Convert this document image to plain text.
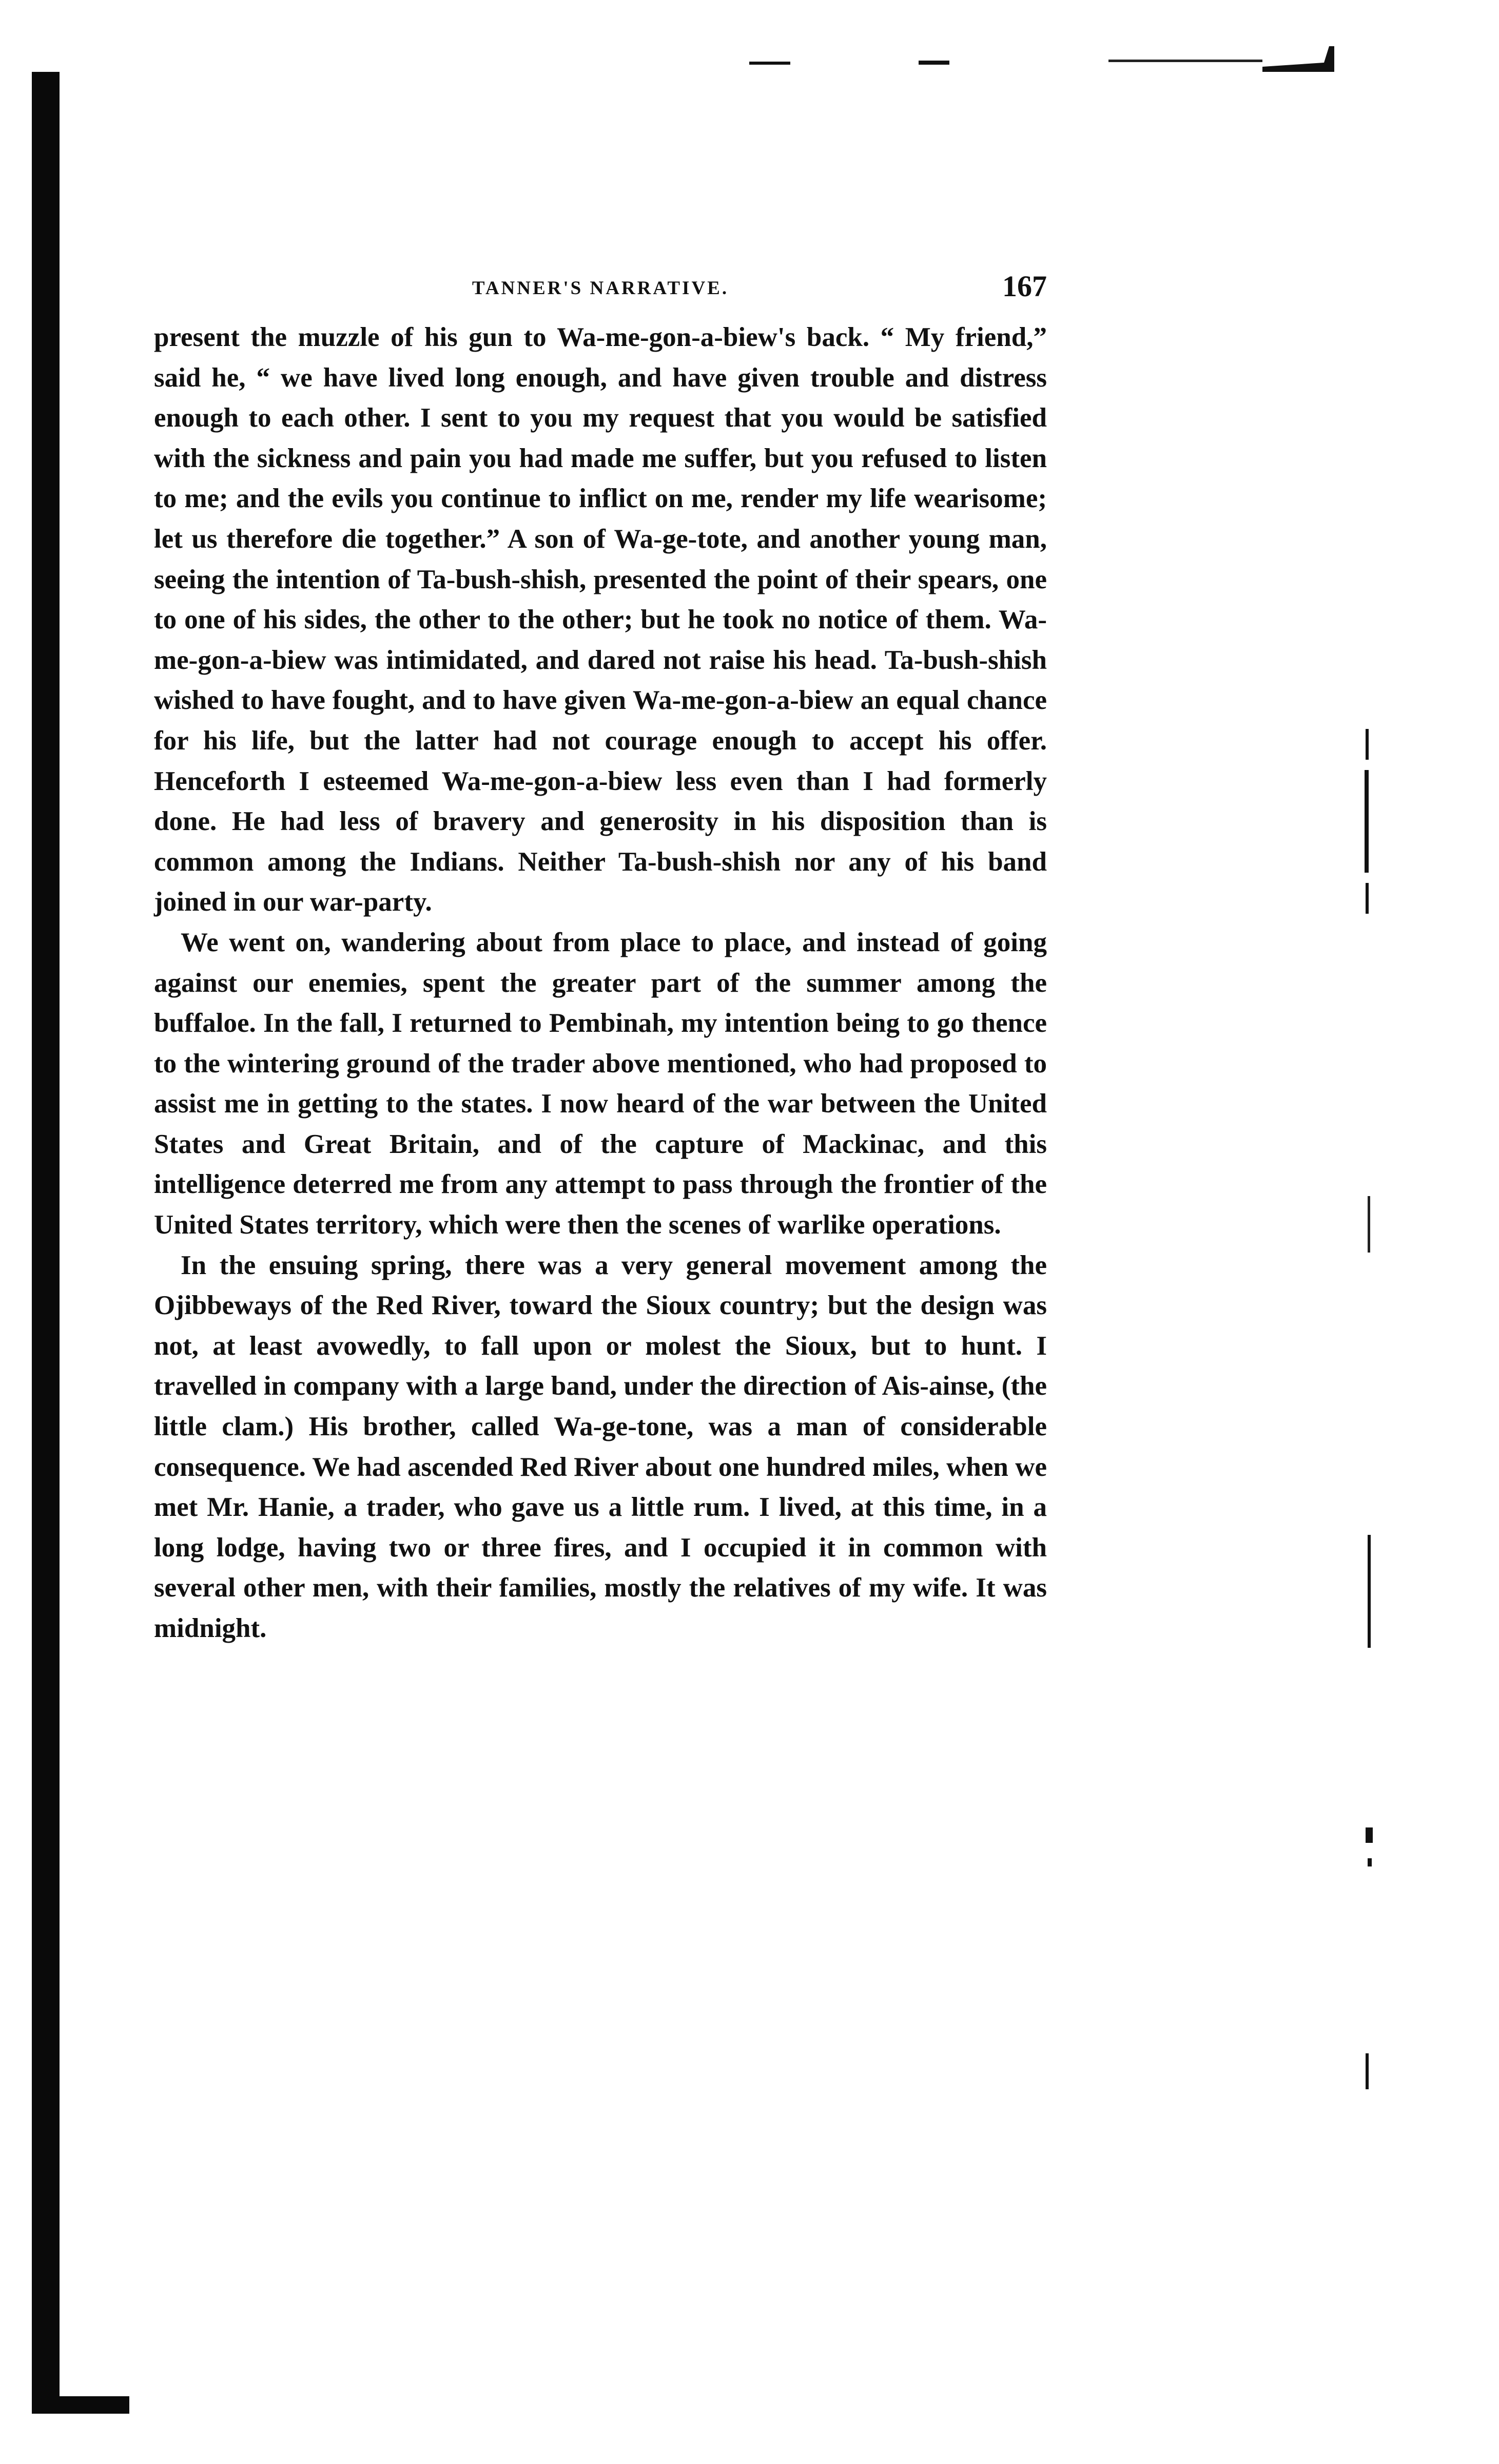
TANNER'S NARRATIVE.	167

present the muzzle of his gun to Wa-me-gon-a-biew's back. “ My friend,” said he, “ we have lived long enough, and have given trouble and distress enough to each other. I sent to you my request that you would be satisfied with the sickness and pain you had made me suffer, but you refused to listen to me; and the evils you continue to inflict on me, render my life wearisome; let us therefore die together.” A son of Wa-ge-tote, and another young man, seeing the intention of Ta-bush-shish, presented the point of their spears, one to one of his sides, the other to the other; but he took no notice of them. Wa-me-gon-a-biew was intimidated, and dared not raise his head. Ta-bush-shish wished to have fought, and to have given Wa-me-gon-a-biew an equal chance for his life, but the latter had not courage enough to accept his offer. Henceforth I esteemed Wa-me-gon-a-biew less even than I had formerly done. He had less of bravery and generosity in his disposition than is common among the Indians. Neither Ta-bush-shish nor any of his band joined in our war-party.

We went on, wandering about from place to place, and instead of going against our enemies, spent the greater part of the summer among the buffaloe. In the fall, I returned to Pembinah, my intention being to go thence to the wintering ground of the trader above mentioned, who had proposed to assist me in getting to the states. I now heard of the war between the United States and Great Britain, and of the capture of Mackinac, and this intelligence deterred me from any attempt to pass through the frontier of the United States territory, which were then the scenes of warlike operations.

In the ensuing spring, there was a very general movement among the Ojibbeways of the Red River, toward the Sioux country; but the design was not, at least avowedly, to fall upon or molest the Sioux, but to hunt. I travelled in company with a large band, under the direction of Ais-ainse, (the little clam.) His brother, called Wa-ge-tone, was a man of considerable consequence. We had ascended Red River about one hundred miles, when we met Mr. Hanie, a trader, who gave us a little rum. I lived, at this time, in a long lodge, having two or three fires, and I occupied it in common with several other men, with their families, mostly the relatives of my wife. It was midnight.
